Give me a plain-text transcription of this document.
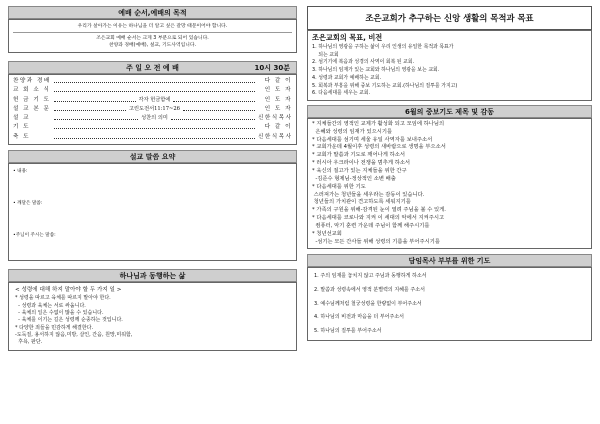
예배 순서,예배의 목적
우리가 살아가는 이유는 하나님을 더 알고 싶은 갈망 때문이어야 합니다.
조은교회 예배 순서는 크게 3 부분으로 되어 있습니다.
찬양과 경배(예배), 설교, 기도사역입니다.
주 일 오 전 예 배	10시 30분
찬양과 경배	다 같 이
교 회 소 식	인 도 자
헌 금 기 도	각자 헌금함에	인 도 자
설 교 본 문	고린도전서11:17~26	인 도 자
설 교	성찬의 의미	신한식목사
기 도	다 같 이
축 도	신한식목사
설교 말씀 요약
• 내용:
• 깨달은 말씀:
•주님이 주시는 말씀:
하나님과 동행하는 삶
< 성령에 대해 하지 말아야 할 두 가지 일 >
* 성령을 따르고 육체를 따르지 말아야 한다.
- 성령과 육체는 서로 싸웁니다.
- 육체의 일은 수없이 많을 수 있습니다.
- 육체를 이기는 길은 성령께 순종하는 것입니다.
* 다양한 죄들을 민감하게 해결한다.
-도둑질, 용서하지 않음,미방, 살인, 간음, 원망,미워함,
후욕, 판단.
조은교회가 추구하는 신앙 생활의 목적과 목표
조은교회의 목표, 비전
1. 하나님의 영광을 구하는 삶이 우리 인생의 유일한 목적과 목표가
되는 교회
2. 섬기기에 복음과 성경의 사역이 회복 된 교회.
3. 하나님의 임재가 있는 교회와 하나님의 영광을 보는 교회.
4. 성령과 교회가 예배하는 교회.
5. 회복과 부흥을 위해 중보 기도하는 교회.(하나님의 질투를 가지고)
6. 다음세대를 세우는 교회.
6월의 중보기도 제목 및 감동
* 지체들간의 영적인 교제가 활성화 되고 모임에 하나님의
은혜와 성령의 임재가 있으시기를
* 다음세대를 섬기며 세울 유일 사역자를 보내주소서
* 교회가운데 4월이후 성령의 새바람으로 생명을 부으소서
* 교회가 말씀과 기도로 깨어나게 하소서
* 러시아 우크라이나 전쟁을 멈추게 하소서
* 육신의 질고가 있는 지체들을 위한 간구
-김준수 형제님-정상적인 소변 배출
* 다음세대를 위한 기도
스러져가는 청년들을 세우라는 감동이 있습니다.
청년들의 가치관이 견고하도록 세워지기를
* 가족의 구원을 위해-감격된 눈이 열려 주님을 볼 수 있게.
* 다음세대를 코로나와 지켜 이 세대의 악에서 지켜주시고
컴퓨터, 악기 훈련 가운데 주님이 함께 해주시기를
* 청년선교회
-섬기는 모든 간사들 위해 성령의 기름을 부어주시기를
담임목사 부부를 위한 기도
1. 주의 임재를 놓치지 않고 주님과 동행하게 하소서
2. 말씀과 성령속에서 영적 분별력의 지혜를 주소서
3. 예수님께처럼 철궁성령을 한량없이 부어주소서
4. 하나님의 비전과 마음을 더 부어주소서
5. 하나님의 질투를 부어주소서
